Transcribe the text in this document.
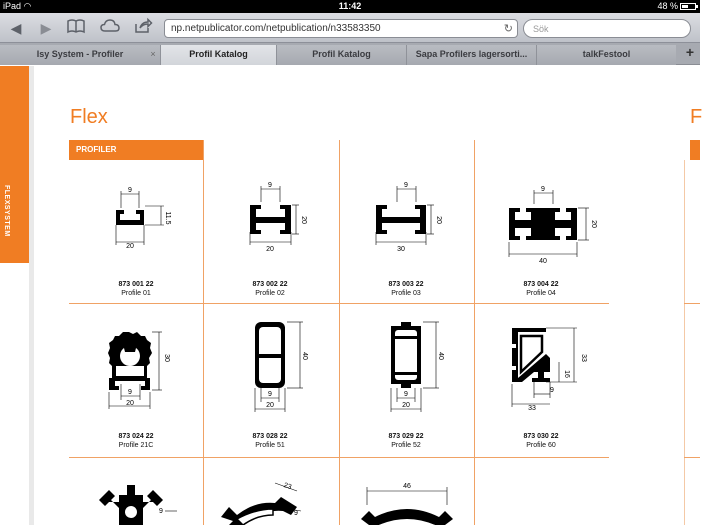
iPad ◠	11:42	48 %
◀	▶	np.netpublicator.com/netpublication/n33583350	↻	Sök
Isy System - Profiler	×	Profil Katalog	Profil Katalog	Sapa Profilers lagersorti...	talkFestool	+
FLEXSYSTEM
Flex	F
PROFILER
9
11.5
20
9
20
20
9
20
30
9
20
40
873 001 22
Profile 01
873 002 22
Profile 02
873 003 22
Profile 03
873 004 22
Profile 04
30
9
20
40
9
20
40
9
20
33
16
9
33
873 024 22
Profile 21C
873 028 22
Profile 51
873 029 22
Profile 52
873 030 22
Profile 60
9
23
9
46
